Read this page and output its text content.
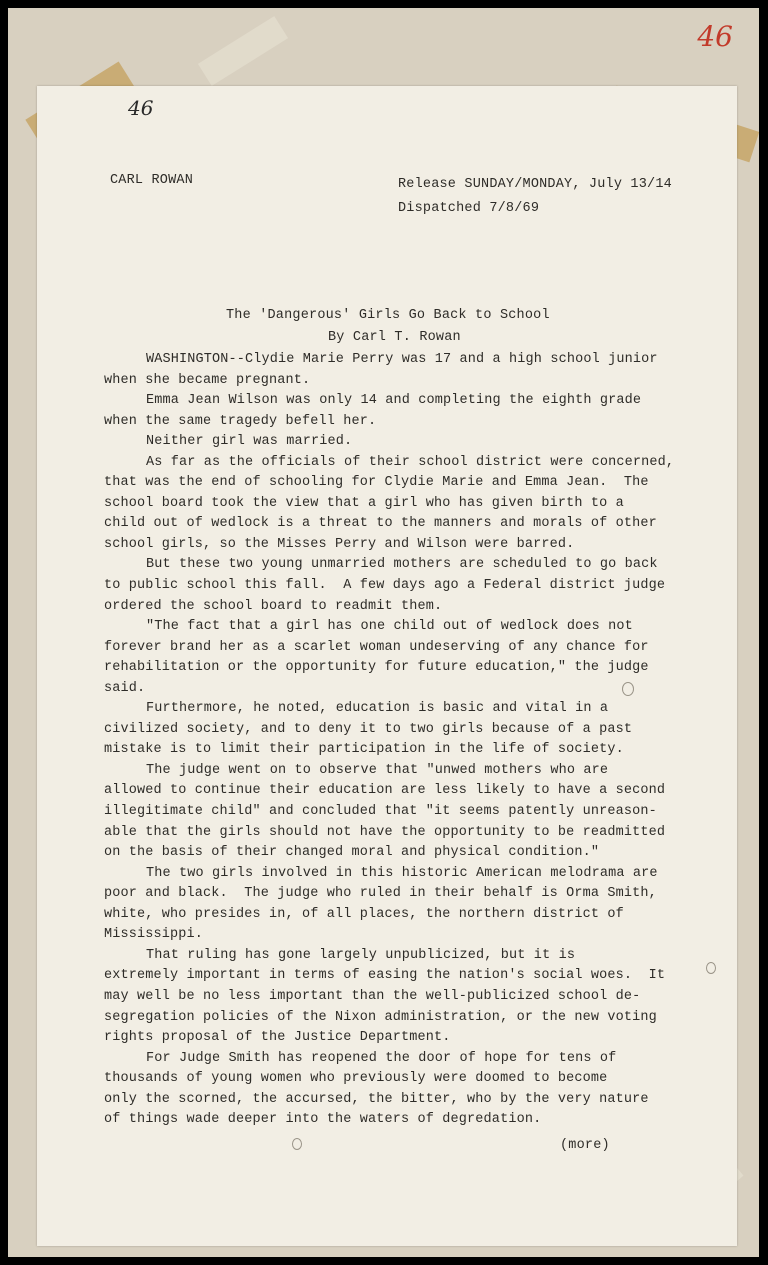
46
46
CARL ROWAN	Release SUNDAY/MONDAY, July 13/14
Dispatched 7/8/69
The 'Dangerous' Girls Go Back to School
By Carl T. Rowan
WASHINGTON--Clydie Marie Perry was 17 and a high school junior
when she became pregnant.
Emma Jean Wilson was only 14 and completing the eighth grade
when the same tragedy befell her.
Neither girl was married.
As far as the officials of their school district were concerned,
that was the end of schooling for Clydie Marie and Emma Jean.  The
school board took the view that a girl who has given birth to a
child out of wedlock is a threat to the manners and morals of other
school girls, so the Misses Perry and Wilson were barred.
But these two young unmarried mothers are scheduled to go back
to public school this fall.  A few days ago a Federal district judge
ordered the school board to readmit them.
"The fact that a girl has one child out of wedlock does not
forever brand her as a scarlet woman undeserving of any chance for
rehabilitation or the opportunity for future education," the judge
said.
Furthermore, he noted, education is basic and vital in a
civilized society, and to deny it to two girls because of a past
mistake is to limit their participation in the life of society.
The judge went on to observe that "unwed mothers who are
allowed to continue their education are less likely to have a second
illegitimate child" and concluded that "it seems patently unreason-
able that the girls should not have the opportunity to be readmitted
on the basis of their changed moral and physical condition."
The two girls involved in this historic American melodrama are
poor and black.  The judge who ruled in their behalf is Orma Smith,
white, who presides in, of all places, the northern district of
Mississippi.
That ruling has gone largely unpublicized, but it is
extremely important in terms of easing the nation's social woes.  It
may well be no less important than the well-publicized school de-
segregation policies of the Nixon administration, or the new voting
rights proposal of the Justice Department.
For Judge Smith has reopened the door of hope for tens of
thousands of young women who previously were doomed to become
only the scorned, the accursed, the bitter, who by the very nature
of things wade deeper into the waters of degredation.
(more)
